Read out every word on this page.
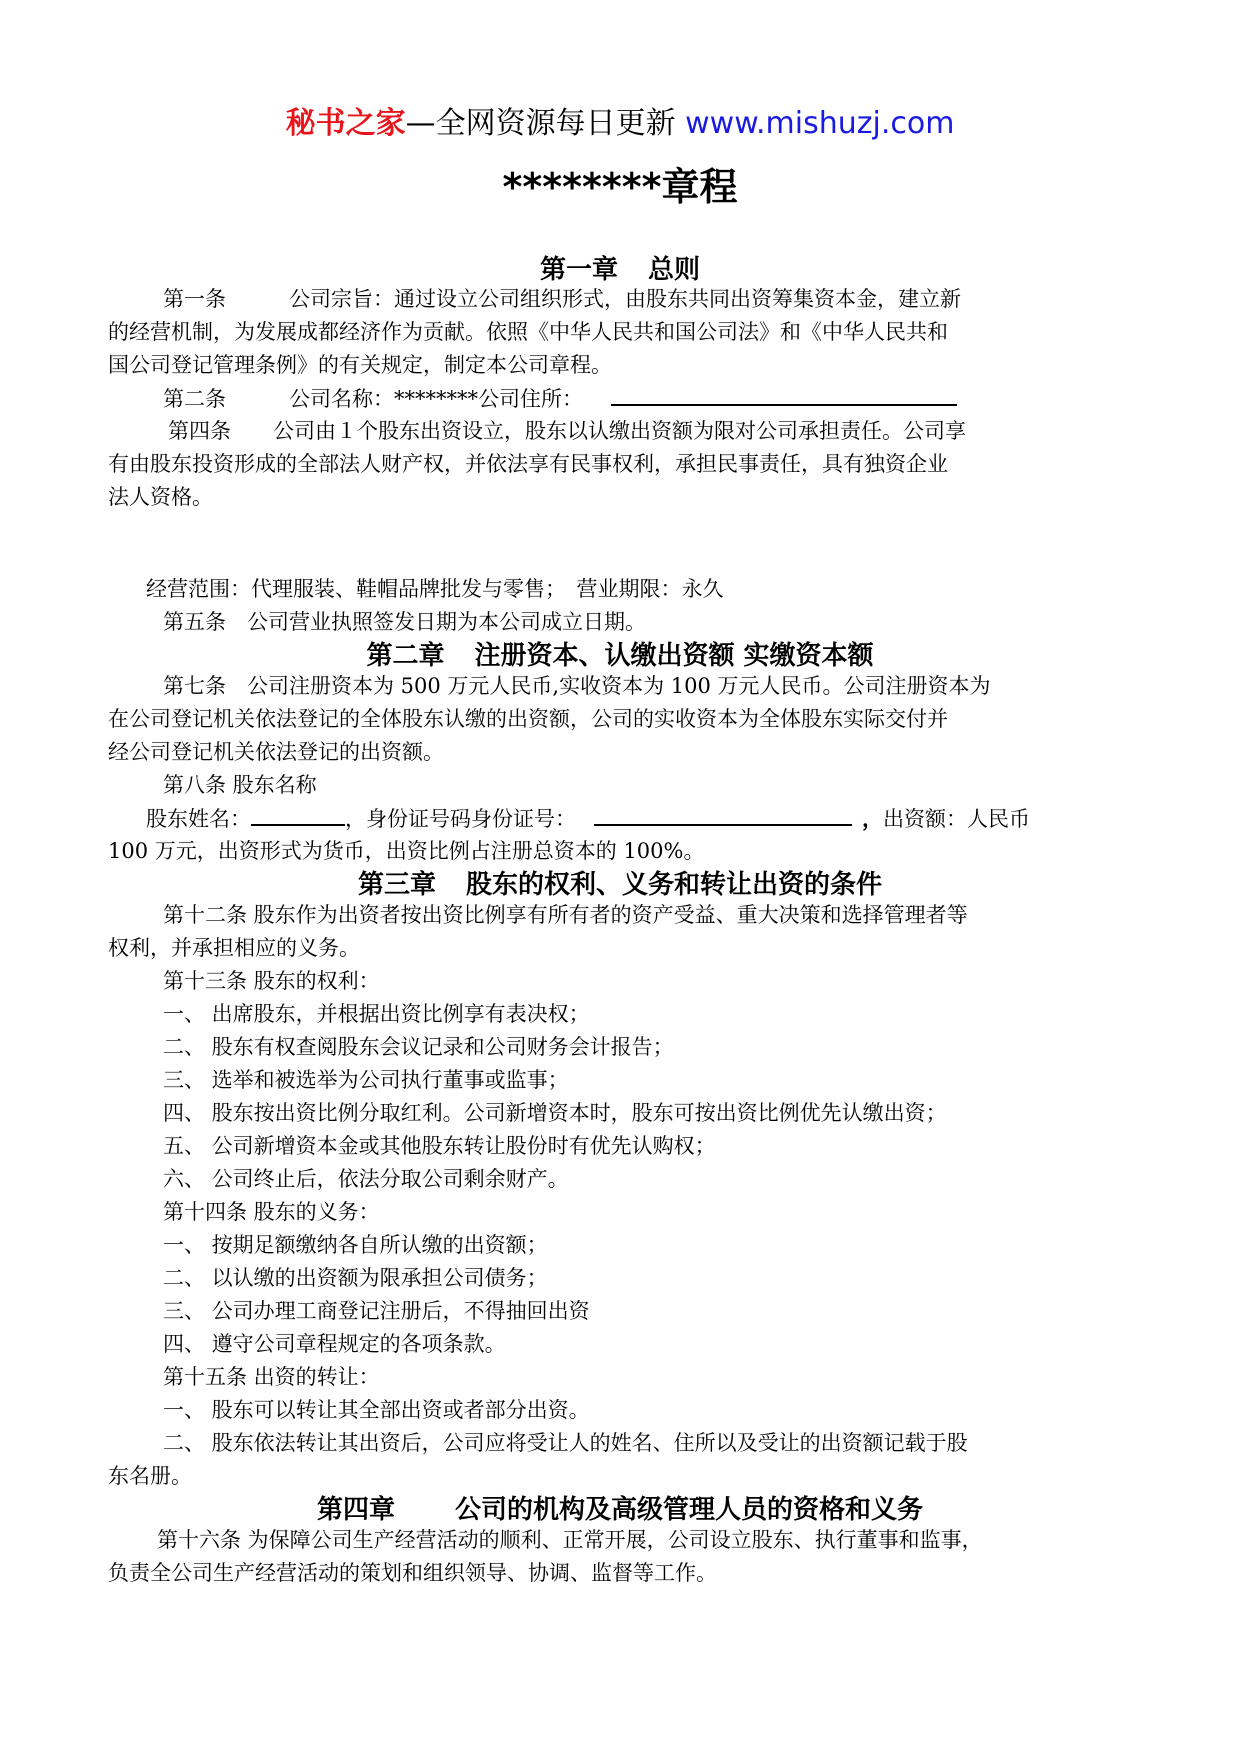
秘书之家—全网资源每日更新 www.mishuzj.com
********章程
第一章 总则
第一条　　　公司宗旨：通过设立公司组织形式，由股东共同出资筹集资本金，建立新
的经营机制，为发展成都经济作为贡献。依照《中华人民共和国公司法》和《中华人民共和
国公司登记管理条例》的有关规定，制定本公司章程。
第二条　　　公司名称：********公司住所：
第四条　　公司由１个股东出资设立，股东以认缴出资额为限对公司承担责任。公司享
有由股东投资形成的全部法人财产权，并依法享有民事权利，承担民事责任，具有独资企业
法人资格。
经营范围：代理服装、鞋帽品牌批发与零售；　营业期限：永久
第五条　公司营业执照签发日期为本公司成立日期。
第二章 注册资本、认缴出资额 实缴资本额
第七条　公司注册资本为 500 万元人民币,实收资本为 100 万元人民币。公司注册资本为
在公司登记机关依法登记的全体股东认缴的出资额，公司的实收资本为全体股东实际交付并
经公司登记机关依法登记的出资额。
第八条 股东名称
股东姓名：	，身份证号码身份证号：	，出资额：人民币
100 万元，出资形式为货币，出资比例占注册总资本的 100%。
第三章 股东的权利、义务和转让出资的条件
第十二条 股东作为出资者按出资比例享有所有者的资产受益、重大决策和选择管理者等
权利，并承担相应的义务。
第十三条 股东的权利：
一、 出席股东，并根据出资比例享有表决权；
二、 股东有权查阅股东会议记录和公司财务会计报告；
三、 选举和被选举为公司执行董事或监事；
四、 股东按出资比例分取红利。公司新增资本时，股东可按出资比例优先认缴出资；
五、 公司新增资本金或其他股东转让股份时有优先认购权；
六、 公司终止后，依法分取公司剩余财产。
第十四条 股东的义务：
一、 按期足额缴纳各自所认缴的出资额；
二、 以认缴的出资额为限承担公司债务；
三、 公司办理工商登记注册后，不得抽回出资
四、 遵守公司章程规定的各项条款。
第十五条 出资的转让：
一、 股东可以转让其全部出资或者部分出资。
二、 股东依法转让其出资后，公司应将受让人的姓名、住所以及受让的出资额记载于股
东名册。
第四章 公司的机构及高级管理人员的资格和义务
第十六条 为保障公司生产经营活动的顺利、正常开展，公司设立股东、执行董事和监事，
负责全公司生产经营活动的策划和组织领导、协调、监督等工作。
